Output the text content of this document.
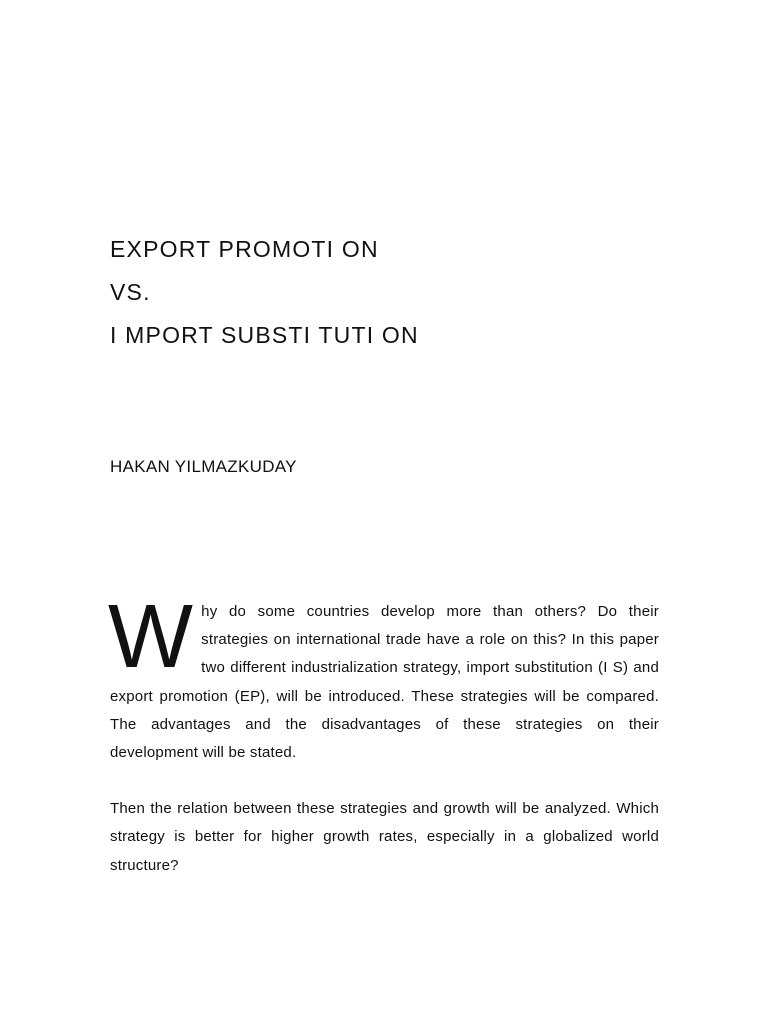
EXPORT PROMOTI ON
VS.
I MPORT SUBSTI TUTI ON
HAKAN YILMAZKUDAY

Why do some countries develop more than others? Do their strategies on international trade have a role on this? In this paper two different industrialization strategy, import substitution (I S) and export promotion (EP), will be introduced. These strategies will be compared. The advantages and the disadvantages of these strategies on their development will be stated.

Then the relation between these strategies and growth will be analyzed. Which strategy is better for higher growth rates, especially in a globalized world structure?
